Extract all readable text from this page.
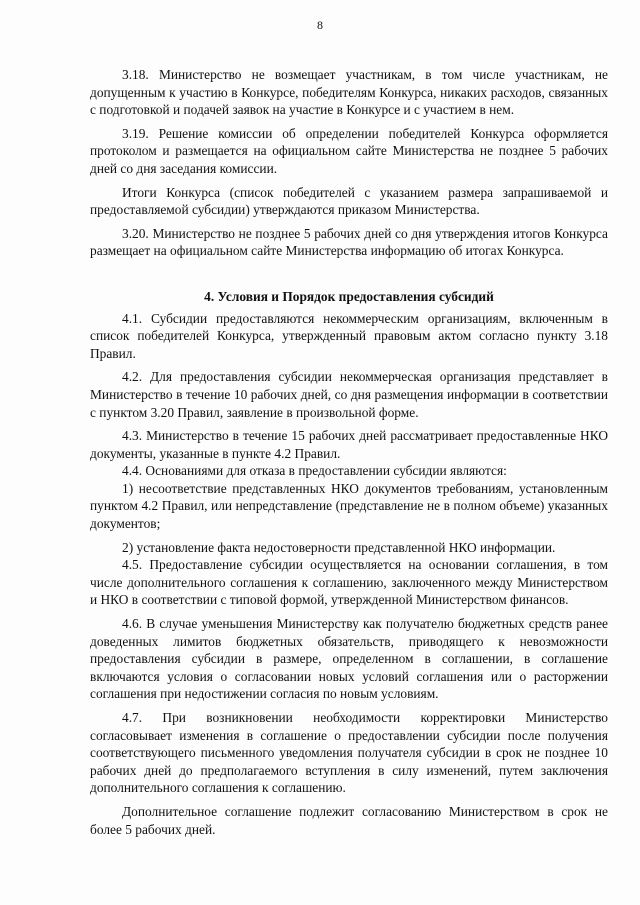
8

3.18. Министерство не возмещает участникам, в том числе участникам, не допущенным к участию в Конкурсе, победителям Конкурса, никаких расходов, связанных с подготовкой и подачей заявок на участие в Конкурсе и с участием в нем.

3.19. Решение комиссии об определении победителей Конкурса оформляется протоколом и размещается на официальном сайте Министерства не позднее 5 рабочих дней со дня заседания комиссии.

Итоги Конкурса (список победителей с указанием размера запрашиваемой и предоставляемой субсидии) утверждаются приказом Министерства.

3.20. Министерство не позднее 5 рабочих дней со дня утверждения итогов Конкурса размещает на официальном сайте Министерства информацию об итогах Конкурса.

4. Условия и Порядок предоставления субсидий

4.1. Субсидии предоставляются некоммерческим организациям, включенным в список победителей Конкурса, утвержденный правовым актом согласно пункту 3.18 Правил.

4.2. Для предоставления субсидии некоммерческая организация представляет в Министерство в течение 10 рабочих дней, со дня размещения информации в соответствии с пунктом 3.20 Правил, заявление в произвольной форме.

4.3. Министерство в течение 15 рабочих дней рассматривает предоставленные НКО документы, указанные в пункте 4.2 Правил.

4.4. Основаниями для отказа в предоставлении субсидии являются:

1) несоответствие представленных НКО документов требованиям, установленным пунктом 4.2 Правил, или непредставление (представление не в полном объеме) указанных документов;

2) установление факта недостоверности представленной НКО информации.

4.5. Предоставление субсидии осуществляется на основании соглашения, в том числе дополнительного соглашения к соглашению, заключенного между Министерством и НКО в соответствии с типовой формой, утвержденной Министерством финансов.

4.6. В случае уменьшения Министерству как получателю бюджетных средств ранее доведенных лимитов бюджетных обязательств, приводящего к невозможности предоставления субсидии в размере, определенном в соглашении, в соглашение включаются условия о согласовании новых условий соглашения или о расторжении соглашения при недостижении согласия по новым условиям.

4.7. При возникновении необходимости корректировки Министерство согласовывает изменения в соглашение о предоставлении субсидии после получения соответствующего письменного уведомления получателя субсидии в срок не позднее 10 рабочих дней до предполагаемого вступления в силу изменений, путем заключения дополнительного соглашения к соглашению.

Дополнительное соглашение подлежит согласованию Министерством в срок не более 5 рабочих дней.
